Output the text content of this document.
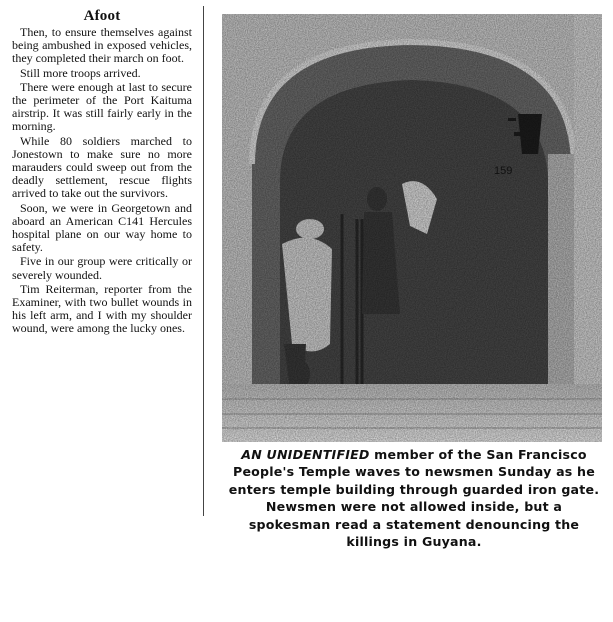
Afoot

Then, to ensure themselves against being ambushed in exposed vehicles, they completed their march on foot.

Still more troops arrived.

There were enough at last to secure the perimeter of the Port Kaituma airstrip. It was still fairly early in the morning.

While 80 soldiers marched to Jonestown to make sure no more marauders could sweep out from the deadly settlement, rescue flights arrived to take out the survivors.

Soon, we were in Georgetown and aboard an American C141 Hercules hospital plane on our way home to safety.

Five in our group were critically or severely wounded.

Tim Reiterman, reporter from the Examiner, with two bullet wounds in his left arm, and I with my shoulder wound, were among the lucky ones.

159
AN UNIDENTIFIED member of the San Francisco People's Temple waves to newsmen Sunday as he enters temple building through guarded iron gate. Newsmen were not allowed inside, but a spokesman read a statement denouncing the killings in Guyana.
